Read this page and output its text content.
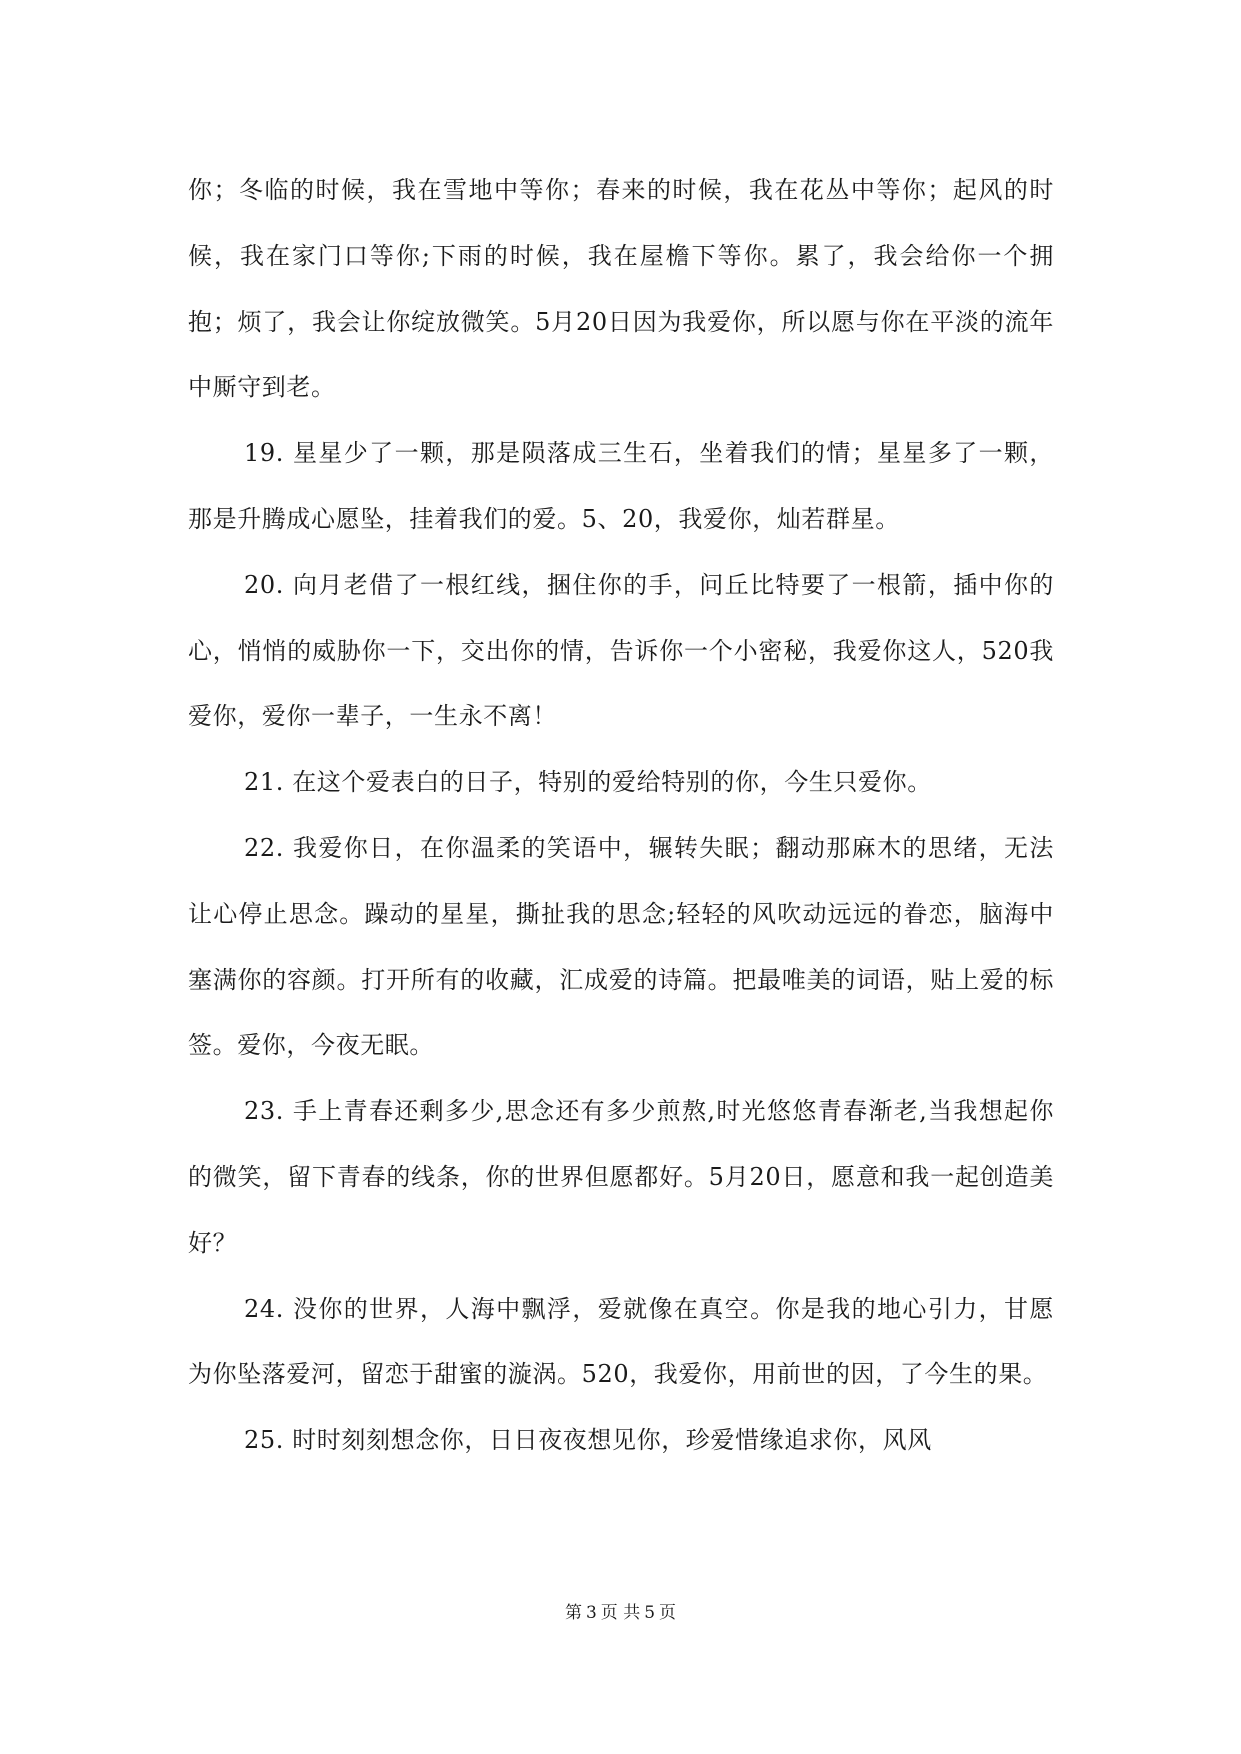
你；冬临的时候，我在雪地中等你；春来的时候，我在花丛中等你；起风的时候，我在家门口等你;下雨的时候，我在屋檐下等你。累了，我会给你一个拥抱；烦了，我会让你绽放微笑。5月20日因为我爱你，所以愿与你在平淡的流年中厮守到老。

19. 星星少了一颗，那是陨落成三生石，坐着我们的情；星星多了一颗，那是升腾成心愿坠，挂着我们的爱。5、20，我爱你，灿若群星。

20. 向月老借了一根红线，捆住你的手，问丘比特要了一根箭，插中你的心，悄悄的威胁你一下，交出你的情，告诉你一个小密秘，我爱你这人，520我爱你，爱你一辈子，一生永不离！

21. 在这个爱表白的日子，特别的爱给特别的你，今生只爱你。

22. 我爱你日，在你温柔的笑语中，辗转失眠；翻动那麻木的思绪，无法让心停止思念。躁动的星星，撕扯我的思念;轻轻的风吹动远远的眷恋，脑海中塞满你的容颜。打开所有的收藏，汇成爱的诗篇。把最唯美的词语，贴上爱的标签。爱你，今夜无眠。

23. 手上青春还剩多少,思念还有多少煎熬,时光悠悠青春渐老,当我想起你的微笑，留下青春的线条，你的世界但愿都好。5月20日，愿意和我一起创造美好？

24. 没你的世界，人海中飘浮，爱就像在真空。你是我的地心引力，甘愿为你坠落爱河，留恋于甜蜜的漩涡。520，我爱你，用前世的因，了今生的果。

25. 时时刻刻想念你，日日夜夜想见你，珍爱惜缘追求你，风风

第 3 页 共 5 页
